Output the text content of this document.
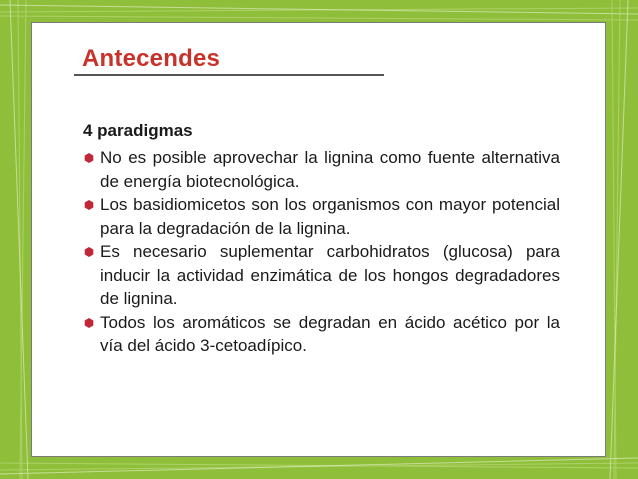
Antecendes

4 paradigmas

No es posible aprovechar la lignina como fuente alternativa de energía biotecnológica.
Los basidiomicetos son los organismos con mayor potencial para la degradación de la lignina.
Es necesario suplementar carbohidratos (glucosa) para inducir la actividad enzimática de los hongos degradadores de lignina.
Todos los aromáticos se degradan en ácido acético por la vía del ácido 3-cetoadípico.
